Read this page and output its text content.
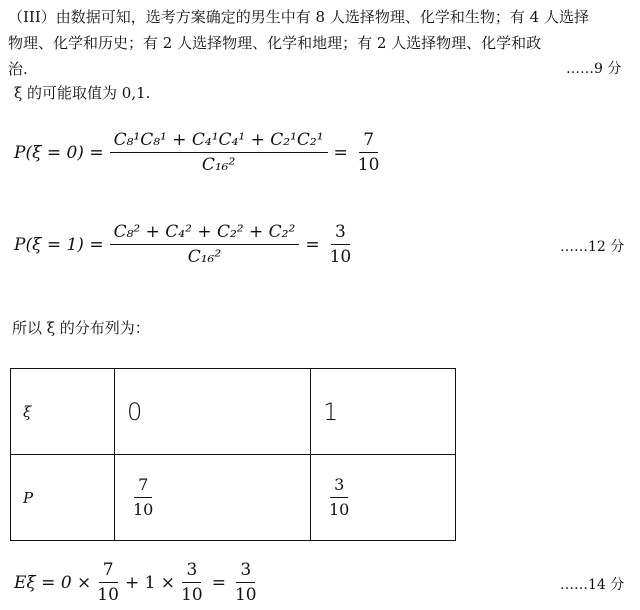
（III）由数据可知，选考方案确定的男生中有 8 人选择物理、化学和生物；有 4 人选择
物理、化学和历史；有 2 人选择物理、化学和地理；有 2 人选择物理、化学和政
治.	……9 分
ξ 的可能取值为 0,1.
$P(\xi = 0) = \frac{\text{C₈¹C₈¹ + C₄¹C₄¹ + C₂¹C₂¹}}{\text{C₁₆²}} = \frac{7}{10}$
$P(\xi = 1) = \frac{\text{C₈² + C₄² + C₂² + C₂²}}{\text{C₁₆²}} = \frac{3}{10}$	……12 分
所以 ξ 的分布列为：
ξ	0	1
P	$\frac{7}{10}$	$\frac{3}{10}$
$E\xi = 0 \times \frac{7}{10} + 1 \times \frac{3}{10} = \frac{3}{10}$	……14 分
